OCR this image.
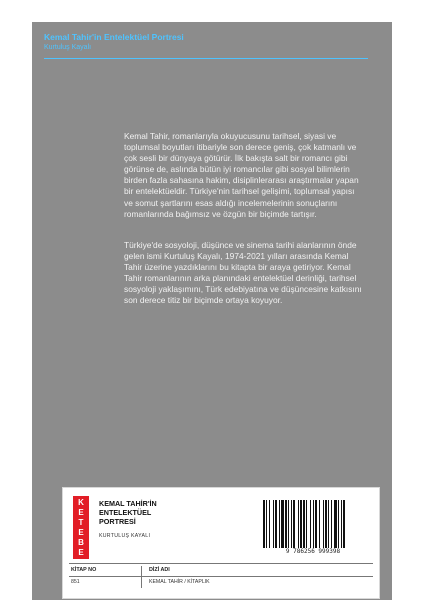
Kemal Tahir'in Entelektüel Portresi
Kurtuluş Kayalı
Kemal Tahir, romanlarıyla okuyucusunu tarihsel, siyasi ve
toplumsal boyutları itibariyle son derece geniş, çok katmanlı ve
çok sesli bir dünyaya götürür. İlk bakışta salt bir romancı gibi
görünse de, aslında bütün iyi romancılar gibi sosyal bilimlerin
birden fazla sahasına hakim, disiplinlerarası araştırmalar yapan
bir entelektüeldir. Türkiye'nin tarihsel gelişimi, toplumsal yapısı
ve somut şartlarını esas aldığı incelemelerinin sonuçlarını
romanlarında bağımsız ve özgün bir biçimde tartışır.
Türkiye'de sosyoloji, düşünce ve sinema tarihi alanlarının önde
gelen ismi Kurtuluş Kayalı, 1974-2021 yılları arasında Kemal
Tahir üzerine yazdıklarını bu kitapta bir araya getiriyor. Kemal
Tahir romanlarının arka planındaki entelektüel derinliği, tarihsel
sosyoloji yaklaşımını, Türk edebiyatına ve düşüncesine katkısını
son derece titiz bir biçimde ortaya koyuyor.
K
E
T
E
B
E
KEMAL TAHİR'İN
ENTELEKTÜEL
PORTRESİ
KURTULUŞ KAYALI
9 786256 999398
KİTAP NO	DİZİ ADI
851	KEMAL TAHİR / KİTAPLIK
